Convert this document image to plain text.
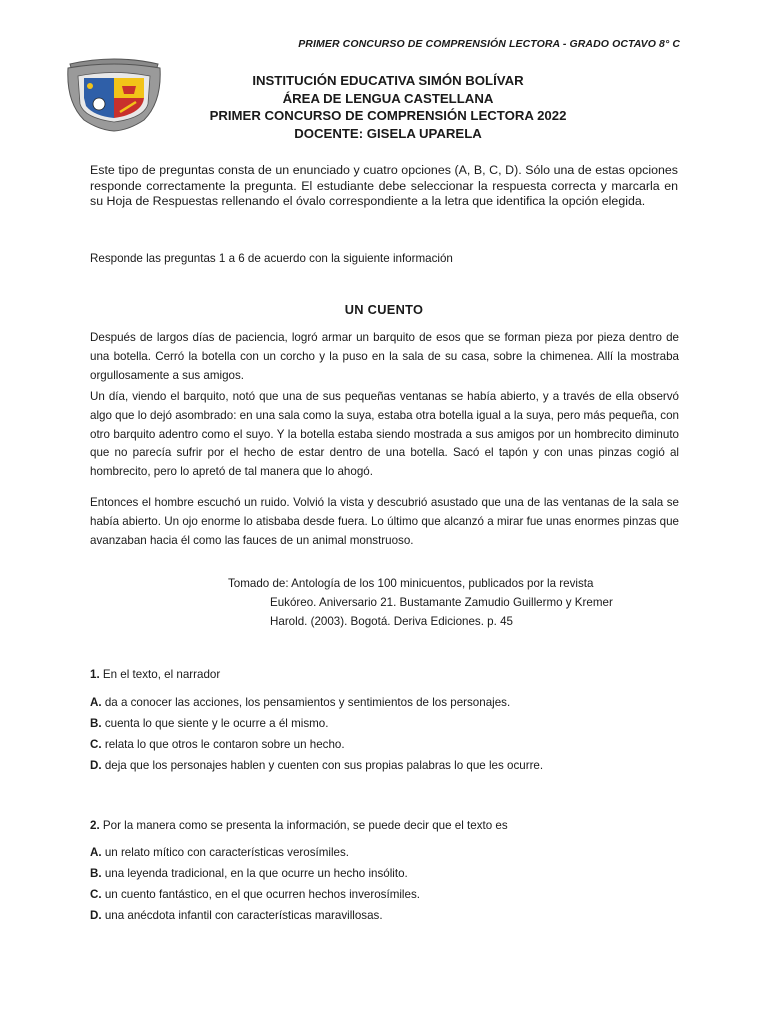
PRIMER CONCURSO DE COMPRENSIÓN LECTORA - GRADO OCTAVO 8° C
INSTITUCIÓN EDUCATIVA SIMÓN BOLÍVAR
ÁREA DE LENGUA CASTELLANA
PRIMER CONCURSO DE COMPRENSIÓN LECTORA 2022
DOCENTE: GISELA UPARELA
Este tipo de preguntas consta de un enunciado y cuatro opciones (A, B, C, D). Sólo una de estas opciones responde correctamente la pregunta. El estudiante debe seleccionar la respuesta correcta y marcarla en su Hoja de Respuestas rellenando el óvalo correspondiente a la letra que identifica la opción elegida.
Responde las preguntas 1 a 6 de acuerdo con la siguiente información
UN CUENTO

Después de largos días de paciencia, logró armar un barquito de esos que se forman pieza por pieza dentro de una botella. Cerró la botella con un corcho y la puso en la sala de su casa, sobre la chimenea. Allí la mostraba orgullosamente a sus amigos.

Un día, viendo el barquito, notó que una de sus pequeñas ventanas se había abierto, y a través de ella observó algo que lo dejó asombrado: en una sala como la suya, estaba otra botella igual a la suya, pero más pequeña, con otro barquito adentro como el suyo. Y la botella estaba siendo mostrada a sus amigos por un hombrecito diminuto que no parecía sufrir por el hecho de estar dentro de una botella. Sacó el tapón y con unas pinzas cogió al hombrecito, pero lo apretó de tal manera que lo ahogó.

Entonces el hombre escuchó un ruido. Volvió la vista y descubrió asustado que una de las ventanas de la sala se había abierto. Un ojo enorme lo atisbaba desde fuera. Lo último que alcanzó a mirar fue unas enormes pinzas que avanzaban hacia él como las fauces de un animal monstruoso.

Tomado de: Antología de los 100 minicuentos, publicados por la revista
Eukóreo. Aniversario 21. Bustamante Zamudio Guillermo y Kremer
Harold. (2003). Bogotá. Deriva Ediciones. p. 45
1. En el texto, el narrador
A. da a conocer las acciones, los pensamientos y sentimientos de los personajes.
B. cuenta lo que siente y le ocurre a él mismo.
C. relata lo que otros le contaron sobre un hecho.
D. deja que los personajes hablen y cuenten con sus propias palabras lo que les ocurre.
2. Por la manera como se presenta la información, se puede decir que el texto es
A. un relato mítico con características verosímiles.
B. una leyenda tradicional, en la que ocurre un hecho insólito.
C. un cuento fantástico, en el que ocurren hechos inverosímiles.
D. una anécdota infantil con características maravillosas.
